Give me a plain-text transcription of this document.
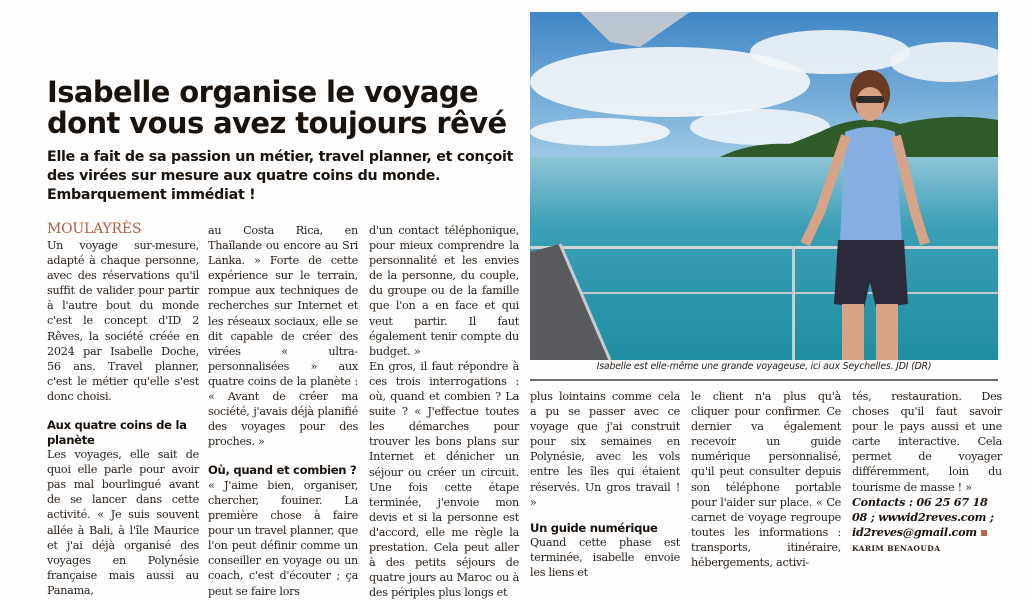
Isabelle organise le voyage dont vous avez toujours rêvé

Elle a fait de sa passion un métier, travel planner, et conçoit des virées sur mesure aux quatre coins du monde. Embarquement immédiat !

MOULAYRÈS

Un voyage sur-mesure, adapté à chaque personne, avec des réservations qu'il suffit de valider pour partir à l'autre bout du monde c'est le concept d'ID 2 Rêves, la société créée en 2024 par Isabelle Doche, 56 ans. Travel planner, c'est le métier qu'elle s'est donc choisi.

Aux quatre coins de la planète

Les voyages, elle sait de quoi elle parle pour avoir pas mal bourlingué avant de se lancer dans cette activité. « Je suis souvent allée à Bali, à l'île Maurice et j'ai déjà organisé des voyages en Polynésie française mais aussi au Panama,

au Costa Rica, en Thaïlande ou encore au Sri Lanka. » Forte de cette expérience sur le terrain, rompue aux techniques de recherches sur Internet et les réseaux sociaux, elle se dit capable de créer des virées « ultra-personnalisées » aux quatre coins de la planète : « Avant de créer ma société, j'avais déjà planifié des voyages pour des proches. »

Où, quand et combien ?

« J'aime bien, organiser, chercher, fouiner. La première chose à faire pour un travel planner, que l'on peut définir comme un conseiller en voyage ou un coach, c'est d'écouter ; ça peut se faire lors

d'un contact téléphonique, pour mieux comprendre la personnalité et les envies de la personne, du couple, du groupe ou de la famille que l'on a en face et qui veut partir. Il faut également tenir compte du budget. »

En gros, il faut répondre à ces trois interrogations : où, quand et combien ? La suite ? « J'effectue toutes les démarches pour trouver les bons plans sur Internet et dénicher un séjour ou créer un circuit. Une fois cette étape terminée, j'envoie mon devis et si la personne est d'accord, elle me règle la prestation. Cela peut aller à des petits séjours de quatre jours au Maroc ou à des périples plus longs et

Isabelle est elle-même une grande voyageuse, ici aux Seychelles. JDI (DR)

plus lointains comme cela a pu se passer avec ce voyage que j'ai construit pour six semaines en Polynésie, avec les vols entre les îles qui étaient réservés. Un gros travail ! »

Un guide numérique

Quand cette phase est terminée, isabelle envoie les liens et

le client n'a plus qu'à cliquer pour confirmer. Ce dernier va également recevoir un guide numérique personnalisé, qu'il peut consulter depuis son téléphone portable pour l'aider sur place. « Ce carnet de voyage regroupe toutes les informations : transports, itinéraire, hébergements, activi-

tés, restauration. Des choses qu'il faut savoir pour le pays aussi et une carte interactive. Cela permet de voyager différemment, loin du tourisme de masse ! »

Contacts : 06 25 67 18 08 ; wwwid2reves.com ; id2reves@gmail.com

KARIM BENAOUDA
